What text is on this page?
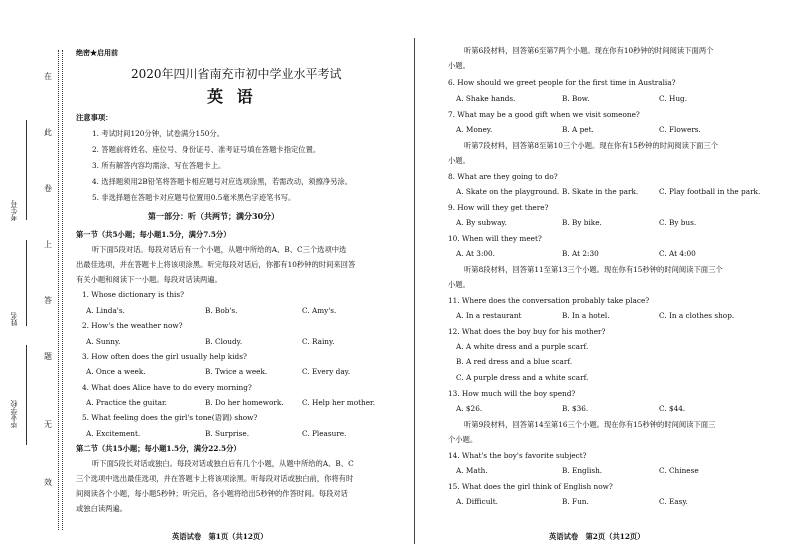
在
此
卷
上
答
题
无
效
考生号
姓名
毕业学校
绝密★启用前
2020年四川省南充市初中学业水平考试
英 语
注意事项：
1. 考试时间120分钟，试卷满分150分。
2. 答题前将姓名、座位号、身份证号、准考证号填在答题卡指定位置。
3. 所有解答内容均需涂、写在答题卡上。
4. 选择题须用2B铅笔将答题卡相应题号对应选项涂黑，若需改动，须擦净另涂。
5. 非选择题在答题卡对应题号位置用0.5毫米黑色字迹笔书写。
第一部分：听（共两节；满分30分）
第一节（共5小题；每小题1.5分，满分7.5分）
听下面5段对话。每段对话后有一个小题，从题中所给的A、B、C三个选项中选
出最佳选项，并在答题卡上将该项涂黑。听完每段对话后，你都有10秒钟的时间来回答
有关小题和阅读下一小题。每段对话读两遍。
1. Whose dictionary is this?
A. Linda's.	B. Bob's.	C. Amy's.
2. How's the weather now?
A. Sunny.	B. Cloudy.	C. Rainy.
3. How often does the girl usually help kids?
A. Once a week.	B. Twice a week.	C. Every day.
4. What does Alice have to do every morning?
A. Practice the guitar.	B. Do her homework.	C. Help her mother.
5. What feeling does the girl's tone(语调) show?
A. Excitement.	B. Surprise.	C. Pleasure.
第二节（共15小题；每小题1.5分，满分22.5分）
听下面5段长对话或独白。每段对话或独白后有几个小题，从题中所给的A、B、C
三个选项中选出最佳选项，并在答题卡上将该项涂黑。听每段对话或独白前，你将有时
间阅读各个小题，每小题5秒钟；听完后，各小题将给出5秒钟的作答时间。每段对话
或独白读两遍。
英语试卷　第1页（共12页）
听第6段材料，回答第6至第7两个小题。现在你有10秒钟的时间阅读下面两个
小题。
6. How should we greet people for the first time in Australia?
A. Shake hands.	B. Bow.	C. Hug.
7. What may be a good gift when we visit someone?
A. Money.	B. A pet.	C. Flowers.
听第7段材料，回答第8至第10三个小题。现在你有15秒钟的时间阅读下面三个
小题。
8. What are they going to do?
A. Skate on the playground. B. Skate in the park.	C. Play football in the park.
9. How will they get there?
A. By subway.	B. By bike.	C. By bus.
10. When will they meet?
A. At 3:00.	B. At 2:30	C. At 4:00
听第8段材料，回答第11至第13三个小题。现在你有15秒钟的时间阅读下面三个
小题。
11. Where does the conversation probably take place?
A. In a restaurant	B. In a hotel.	C. In a clothes shop.
12. What does the boy buy for his mother?
A. A white dress and a purple scarf.
B. A red dress and a blue scarf.
C. A purple dress and a white scarf.
13. How much will the boy spend?
A. $26.	B. $36.	C. $44.
听第9段材料，回答第14至第16三个小题。现在你有15秒钟的时间阅读下面三
个小题。
14. What's the boy's favorite subject?
A. Math.	B. English.	C. Chinese
15. What does the girl think of English now?
A. Difficult.	B. Fun.	C. Easy.
英语试卷　第2页（共12页）
